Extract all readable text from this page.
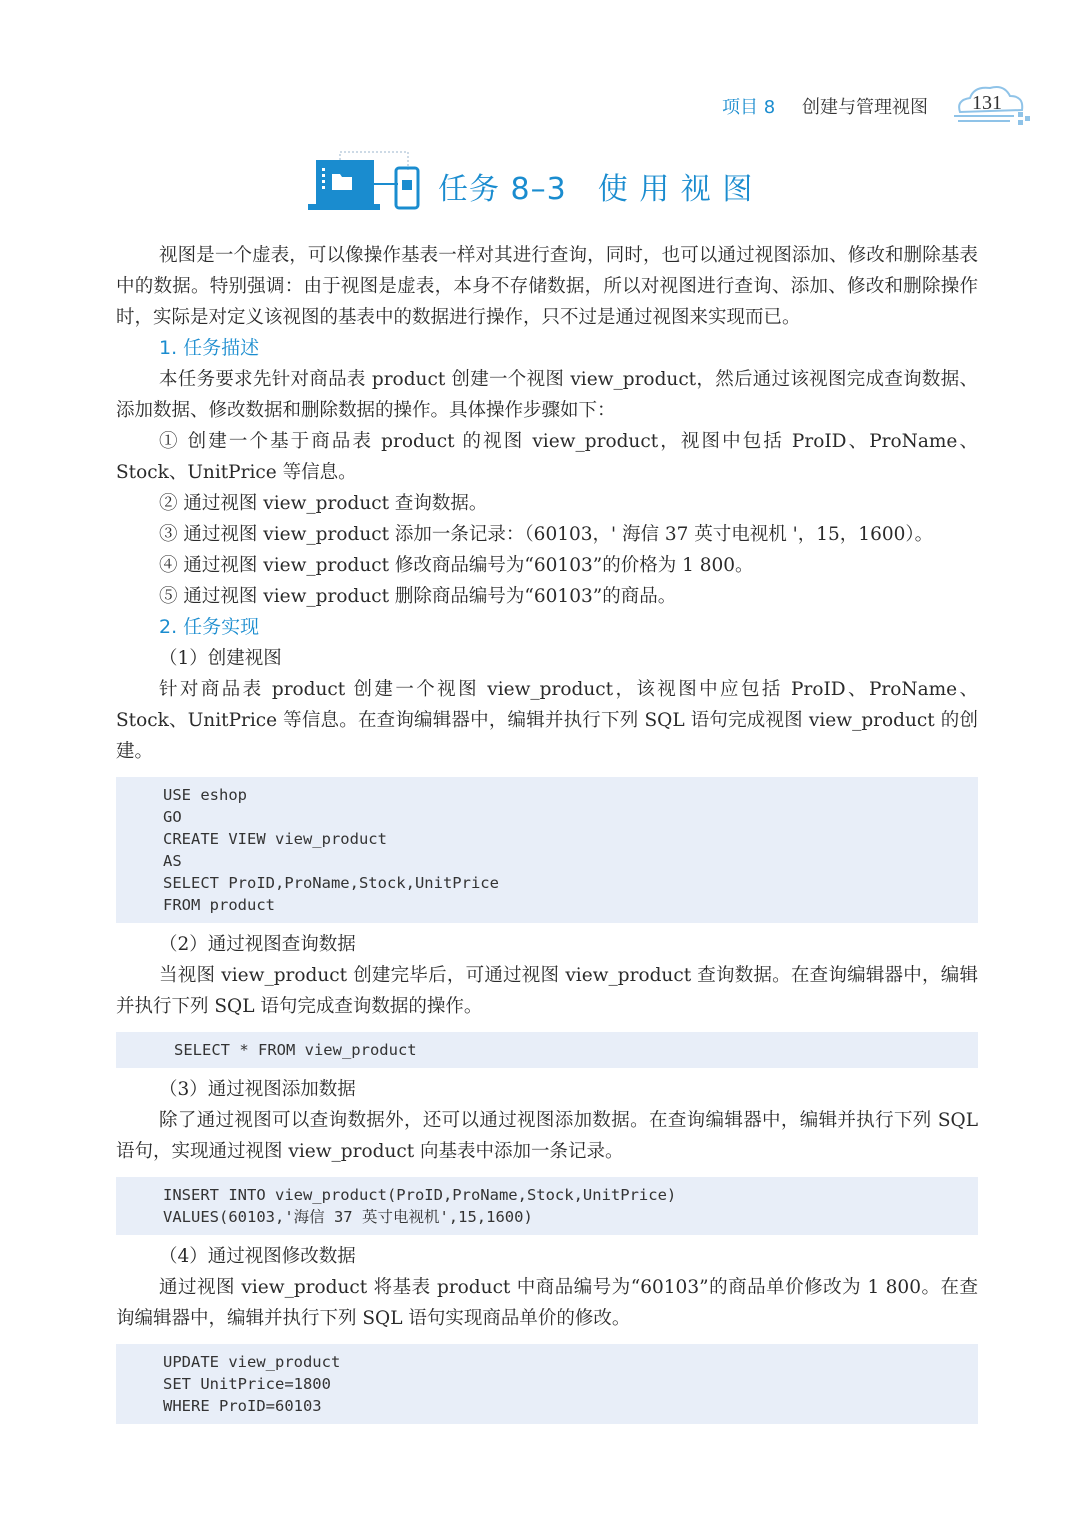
项目 8 创建与管理视图 131
任务 8–3　使 用 视 图

视图是一个虚表，可以像操作基表一样对其进行查询，同时，也可以通过视图添加、修改和删除基表中的数据。特别强调：由于视图是虚表，本身不存储数据，所以对视图进行查询、添加、修改和删除操作时，实际是对定义该视图的基表中的数据进行操作，只不过是通过视图来实现而已。

1. 任务描述

本任务要求先针对商品表 product 创建一个视图 view_product，然后通过该视图完成查询数据、添加数据、修改数据和删除数据的操作。具体操作步骤如下：

① 创建一个基于商品表 product 的视图 view_product，视图中包括 ProID、ProName、Stock、UnitPrice 等信息。

② 通过视图 view_product 查询数据。

③ 通过视图 view_product 添加一条记录：（60103，' 海信 37 英寸电视机 '，15，1600）。

④ 通过视图 view_product 修改商品编号为“60103”的价格为 1 800。

⑤ 通过视图 view_product 删除商品编号为“60103”的商品。

2. 任务实现
（1）创建视图

针对商品表 product 创建一个视图 view_product，该视图中应包括 ProID、ProName、Stock、UnitPrice 等信息。在查询编辑器中，编辑并执行下列 SQL 语句完成视图 view_product 的创建。

USE eshop
GO
CREATE VIEW view_product
AS
SELECT ProID,ProName,Stock,UnitPrice
FROM product
（2）通过视图查询数据

当视图 view_product 创建完毕后，可通过视图 view_product 查询数据。在查询编辑器中，编辑并执行下列 SQL 语句完成查询数据的操作。

SELECT * FROM view_product
（3）通过视图添加数据

除了通过视图可以查询数据外，还可以通过视图添加数据。在查询编辑器中，编辑并执行下列 SQL 语句，实现通过视图 view_product 向基表中添加一条记录。

INSERT INTO view_product(ProID,ProName,Stock,UnitPrice)
VALUES(60103,'海信 37 英寸电视机',15,1600)
（4）通过视图修改数据

通过视图 view_product 将基表 product 中商品编号为“60103”的商品单价修改为 1 800。在查询编辑器中，编辑并执行下列 SQL 语句实现商品单价的修改。

UPDATE view_product
SET UnitPrice=1800
WHERE ProID=60103
